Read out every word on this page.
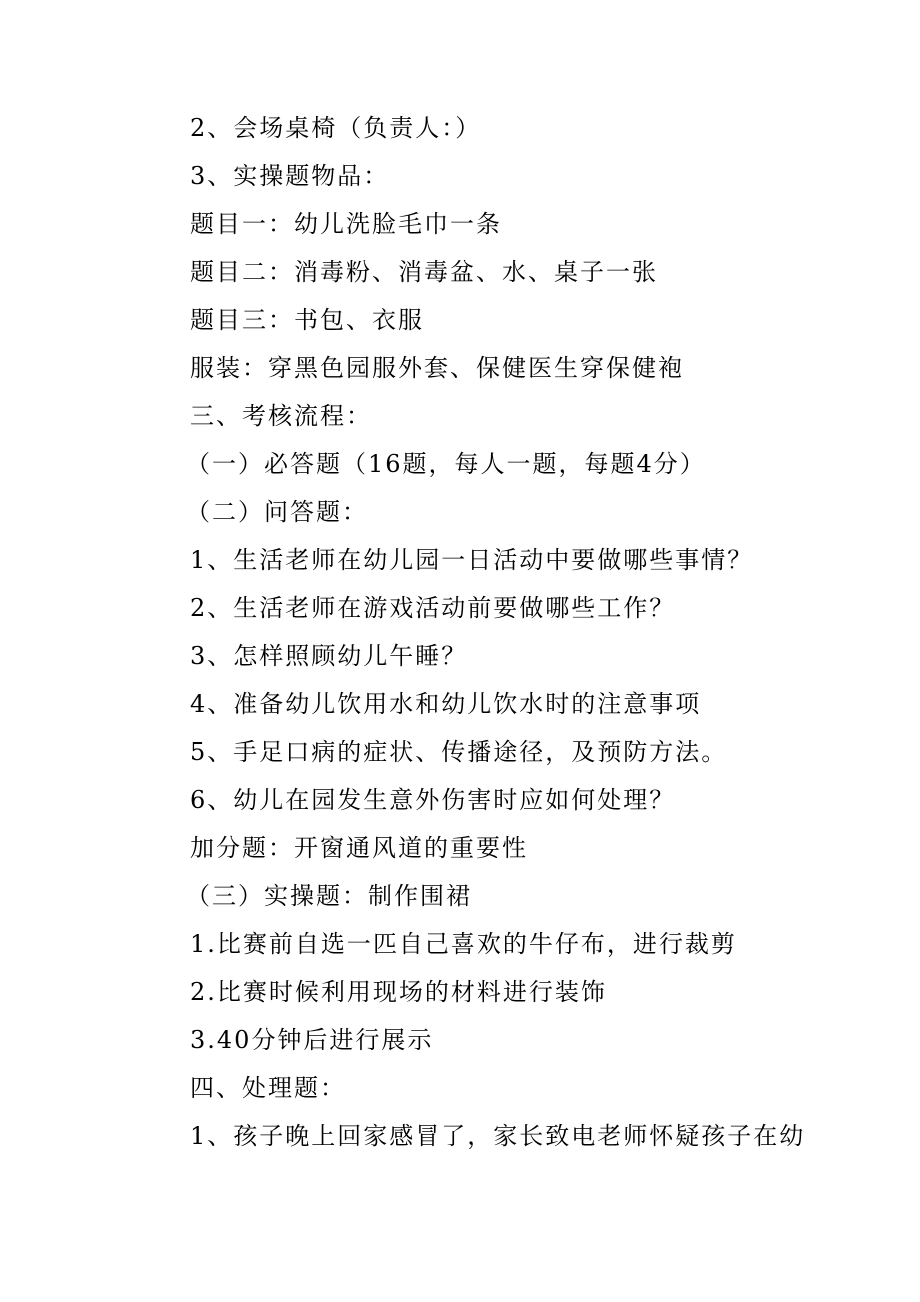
2、会场桌椅（负责人：）
3、实操题物品：
题目一：幼儿洗脸毛巾一条
题目二：消毒粉、消毒盆、水、桌子一张
题目三：书包、衣服
服装：穿黑色园服外套、保健医生穿保健袍
三、考核流程：
（一）必答题（16题，每人一题，每题4分）
（二）问答题：
1、生活老师在幼儿园一日活动中要做哪些事情？
2、生活老师在游戏活动前要做哪些工作？
3、怎样照顾幼儿午睡？
4、准备幼儿饮用水和幼儿饮水时的注意事项
5、手足口病的症状、传播途径，及预防方法。
6、幼儿在园发生意外伤害时应如何处理？
加分题：开窗通风道的重要性
（三）实操题：制作围裙
1.比赛前自选一匹自己喜欢的牛仔布，进行裁剪
2.比赛时候利用现场的材料进行装饰
3.40分钟后进行展示
四、处理题：
1、孩子晚上回家感冒了，家长致电老师怀疑孩子在幼
